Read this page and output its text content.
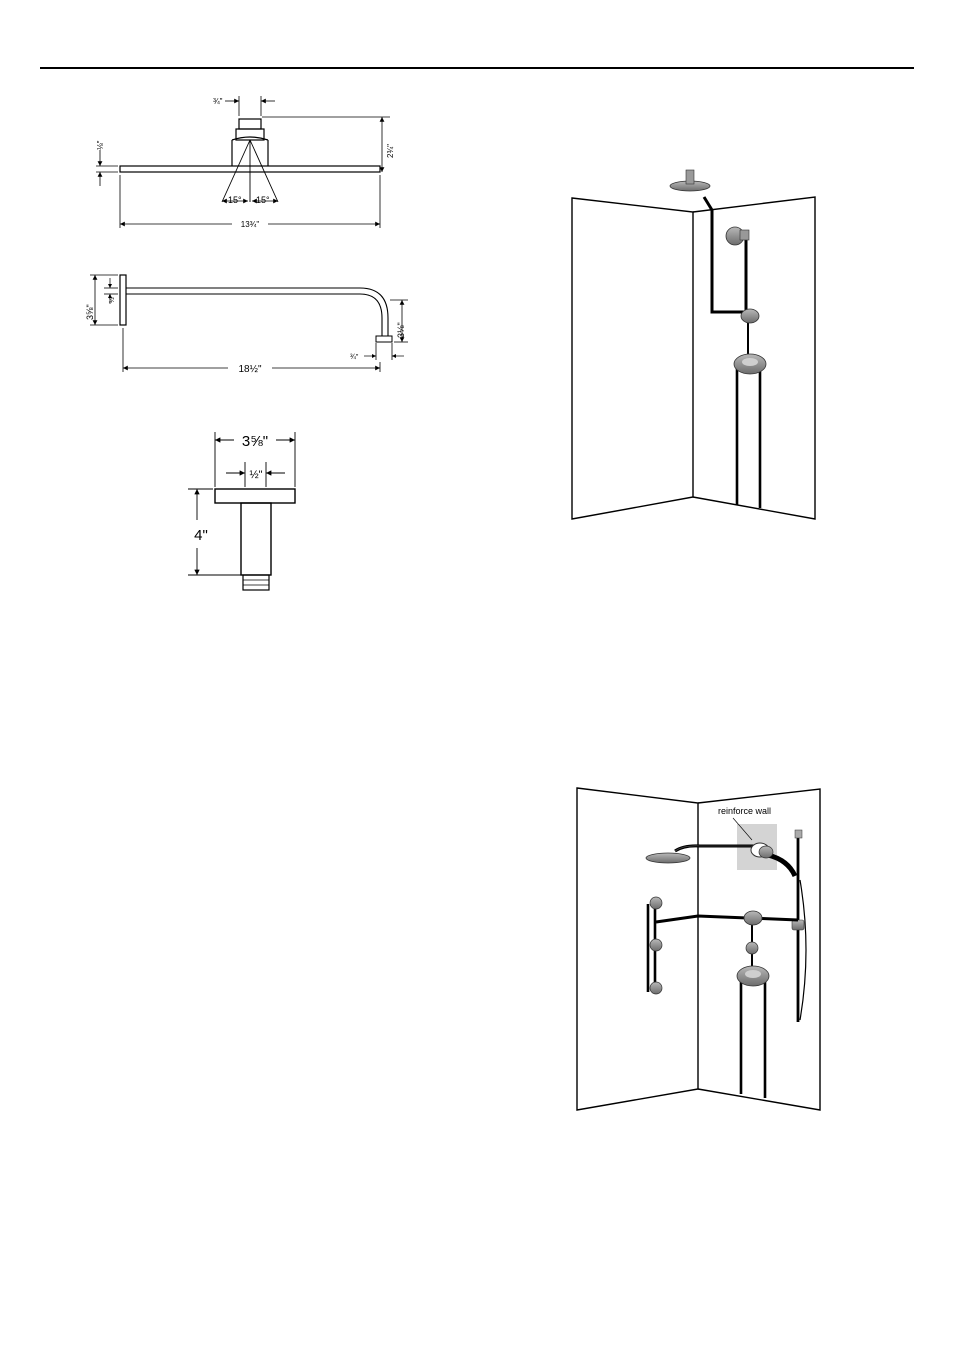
¾"
2¾"
⅛"
15° 15°
13¾"
3⅝"
½"
3⅛"
¾"
18½"
3⅝"
½"
4"
reinforce wall
